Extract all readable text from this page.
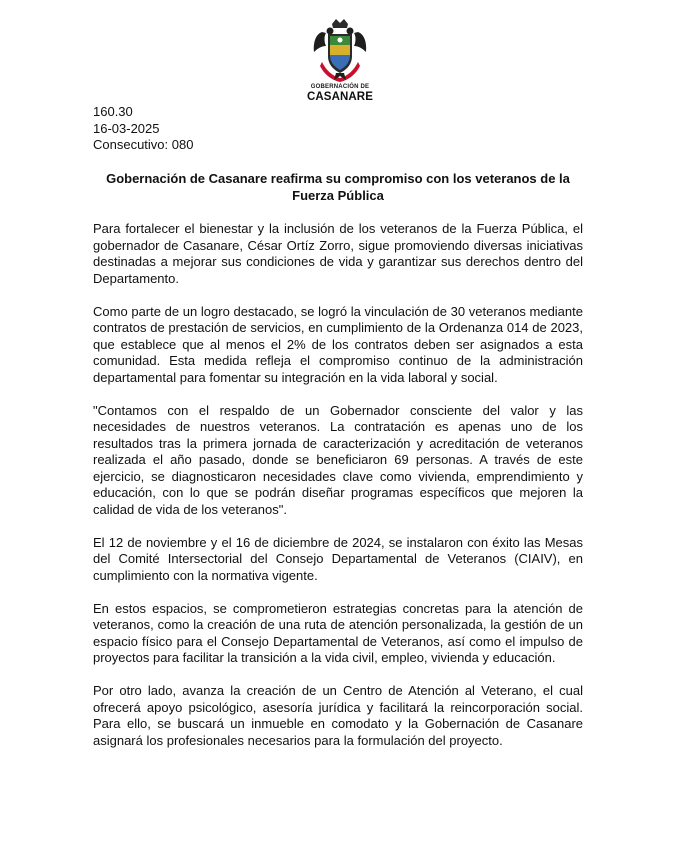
GOBERNACIÓN DE
CASANARE
160.30
16-03-2025
Consecutivo: 080
Gobernación de Casanare reafirma su compromiso con los veteranos de la Fuerza Pública

Para fortalecer el bienestar y la inclusión de los veteranos de la Fuerza Pública, el gobernador de Casanare, César Ortíz Zorro, sigue promoviendo diversas iniciativas destinadas a mejorar sus condiciones de vida y garantizar sus derechos dentro del Departamento.

Como parte de un logro destacado, se logró la vinculación de 30 veteranos mediante contratos de prestación de servicios, en cumplimiento de la Ordenanza 014 de 2023, que establece que al menos el 2% de los contratos deben ser asignados a esta comunidad. Esta medida refleja el compromiso continuo de la administración departamental para fomentar su integración en la vida laboral y social.

"Contamos con el respaldo de un Gobernador consciente del valor y las necesidades de nuestros veteranos. La contratación es apenas uno de los resultados tras la primera jornada de caracterización y acreditación de veteranos realizada el año pasado, donde se beneficiaron 69 personas. A través de este ejercicio, se diagnosticaron necesidades clave como vivienda, emprendimiento y educación, con lo que se podrán diseñar programas específicos que mejoren la calidad de vida de los veteranos".

El 12 de noviembre y el 16 de diciembre de 2024, se instalaron con éxito las Mesas del Comité Intersectorial del Consejo Departamental de Veteranos (CIAIV), en cumplimiento con la normativa vigente.

En estos espacios, se comprometieron estrategias concretas para la atención de veteranos, como la creación de una ruta de atención personalizada, la gestión de un espacio físico para el Consejo Departamental de Veteranos, así como el impulso de proyectos para facilitar la transición a la vida civil, empleo, vivienda y educación.

Por otro lado, avanza la creación de un Centro de Atención al Veterano, el cual ofrecerá apoyo psicológico, asesoría jurídica y facilitará la reincorporación social. Para ello, se buscará un inmueble en comodato y la Gobernación de Casanare asignará los profesionales necesarios para la formulación del proyecto.
